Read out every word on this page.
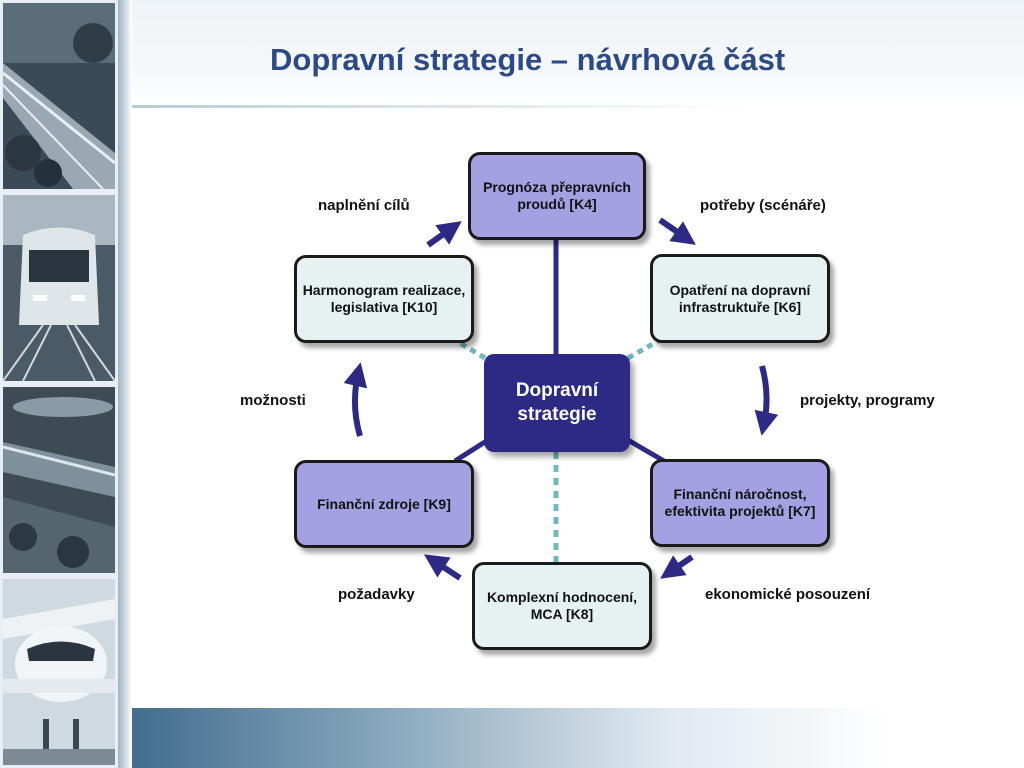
Dopravní strategie – návrhová část
Prognóza přepravních proudů [K4]
Opatření na dopravní infrastruktuře [K6]
Finanční náročnost, efektivita projektů [K7]
Komplexní hodnocení, MCA [K8]
Finanční zdroje [K9]
Harmonogram realizace, legislativa [K10]
Dopravní strategie
naplnění cílů	potřeby (scénáře)
projekty, programy
ekonomické posouzení
požadavky
možnosti
